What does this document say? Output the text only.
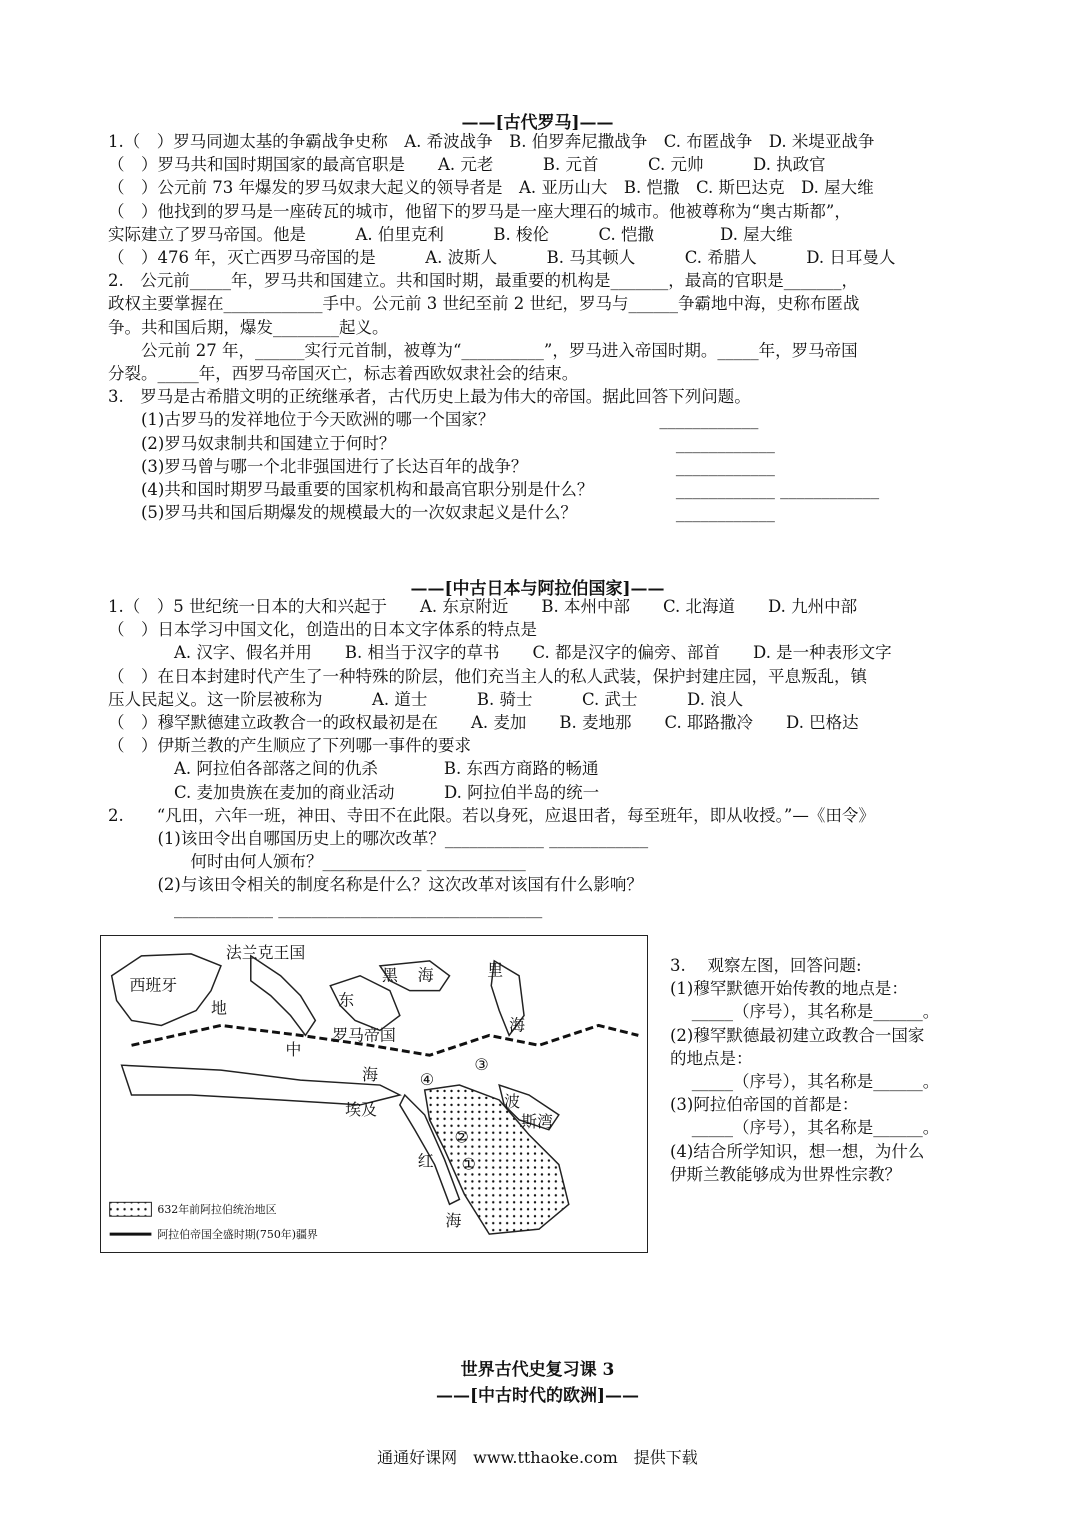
——[古代罗马]——
1.（　）罗马同迦太基的争霸战争史称　A. 希波战争　B. 伯罗奔尼撒战争　C. 布匿战争　D. 米堤亚战争
（　）罗马共和国时期国家的最高官职是　　A. 元老　　　B. 元首　　　C. 元帅　　　D. 执政官
（　）公元前 73 年爆发的罗马奴隶大起义的领导者是　A. 亚历山大　B. 恺撒　C. 斯巴达克　D. 屋大维
（　）他找到的罗马是一座砖瓦的城市，他留下的罗马是一座大理石的城市。他被尊称为“奥古斯都”，
实际建立了罗马帝国。他是　　　A. 伯里克利　　　B. 梭伦　　　C. 恺撒　　　　D. 屋大维
（　）476 年，灭亡西罗马帝国的是　　　A. 波斯人　　　B. 马其顿人　　　C. 希腊人　　　D. 日耳曼人
2.　公元前_____年，罗马共和国建立。共和国时期，最重要的机构是_______，最高的官职是_______，
政权主要掌握在____________手中。公元前 3 世纪至前 2 世纪，罗马与______争霸地中海，史称布匿战
争。共和国后期，爆发________起义。
　　公元前 27 年，______实行元首制，被尊为“__________”，罗马进入帝国时期。_____年，罗马帝国
分裂。_____年，西罗马帝国灭亡，标志着西欧奴隶社会的结束。
3.　罗马是古希腊文明的正统继承者，古代历史上最为伟大的帝国。据此回答下列问题。
　　(1)古罗马的发祥地位于今天欧洲的哪一个国家？　　　　　　　　　　____________
　　(2)罗马奴隶制共和国建立于何时？　　　　　　　　　　　　　　　　　____________
　　(3)罗马曾与哪一个北非强国进行了长达百年的战争？　　　　　　　　　____________
　　(4)共和国时期罗马最重要的国家机构和最高官职分别是什么？　　　　　____________ ____________
　　(5)罗马共和国后期爆发的规模最大的一次奴隶起义是什么？　　　　　　____________
——[中古日本与阿拉伯国家]——
1.（　）5 世纪统一日本的大和兴起于　　A. 东京附近　　B. 本州中部　　C. 北海道　　D. 九州中部
（　）日本学习中国文化，创造出的日本文字体系的特点是
　　　　A. 汉字、假名并用　　B. 相当于汉字的草书　　C. 都是汉字的偏旁、部首　　D. 是一种表形文字
（　）在日本封建时代产生了一种特殊的阶层，他们充当主人的私人武装，保护封建庄园，平息叛乱，镇
压人民起义。这一阶层被称为　　　A. 道士　　　B. 骑士　　　C. 武士　　　D. 浪人
（　）穆罕默德建立政教合一的政权最初是在　　A. 麦加　　B. 麦地那　　C. 耶路撒冷　　D. 巴格达
（　）伊斯兰教的产生顺应了下列哪一事件的要求
　　　　A. 阿拉伯各部落之间的仇杀　　　　B. 东西方商路的畅通
　　　　C. 麦加贵族在麦加的商业活动　　　D. 阿拉伯半岛的统一
2.　　“凡田，六年一班，神田、寺田不在此限。若以身死，应退田者，每至班年，即从收授。”—《田令》
　　　(1)该田令出自哪国历史上的哪次改革？____________ ____________
　　　　　何时由何人颁布？____________ ____________
　　　(2)与该田令相关的制度名称是什么？这次改革对该国有什么影响？
　　　　____________ ________________________________
法兰克王国
西班牙
地
中
海
东
黑 海
罗马帝国
里
海
埃及	波
斯湾
红
海
③
④
②
①
632年前阿拉伯统治地区
阿拉伯帝国全盛时期(750年)疆界
3.　 观察左图，回答问题:
(1)穆罕默德开始传教的地点是：
　 _____（序号），其名称是______。
(2)穆罕默德最初建立政教合一国家
的地点是：
　 _____（序号），其名称是______。
(3)阿拉伯帝国的首都是：
　 _____（序号），其名称是______。
(4)结合所学知识，想一想，为什么
伊斯兰教能够成为世界性宗教？
世界古代史复习课 3
——[中古时代的欧洲]——
通通好课网　www.tthaoke.com　提供下载
